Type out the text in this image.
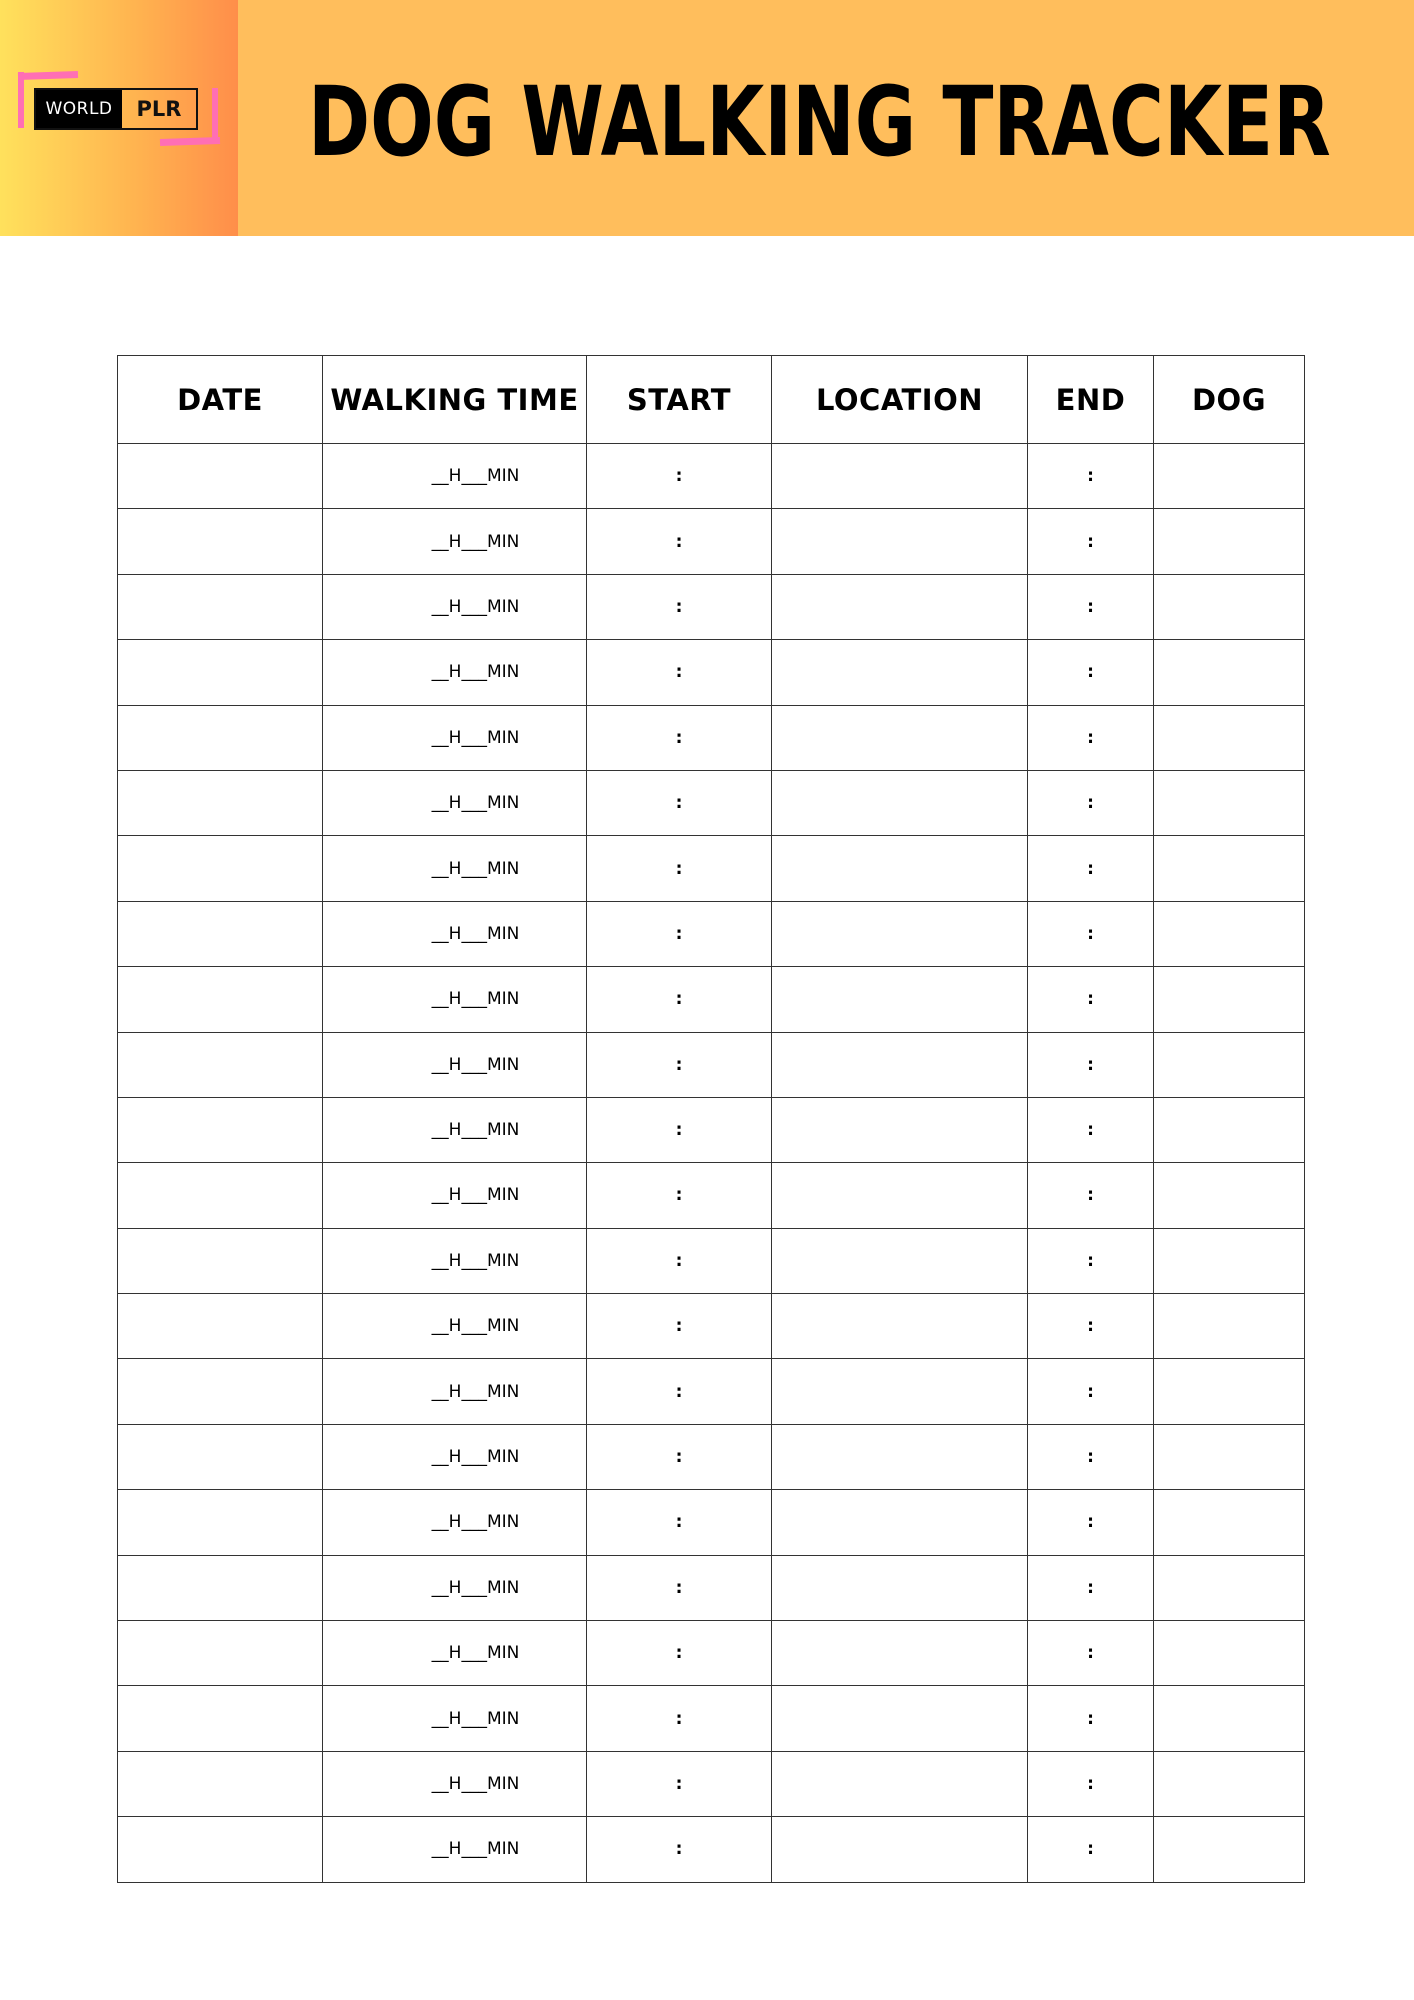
WORLD	PLR DOG WALKING TRACKER
DATE	WALKING TIME	START	LOCATION	END	DOG
	__H___MIN	:		:	
	__H___MIN	:		:	
	__H___MIN	:		:	
	__H___MIN	:		:	
	__H___MIN	:		:	
	__H___MIN	:		:	
	__H___MIN	:		:	
	__H___MIN	:		:	
	__H___MIN	:		:	
	__H___MIN	:		:	
	__H___MIN	:		:	
	__H___MIN	:		:	
	__H___MIN	:		:	
	__H___MIN	:		:	
	__H___MIN	:		:	
	__H___MIN	:		:	
	__H___MIN	:		:	
	__H___MIN	:		:	
	__H___MIN	:		:	
	__H___MIN	:		:	
	__H___MIN	:		:	
	__H___MIN	:		:	
